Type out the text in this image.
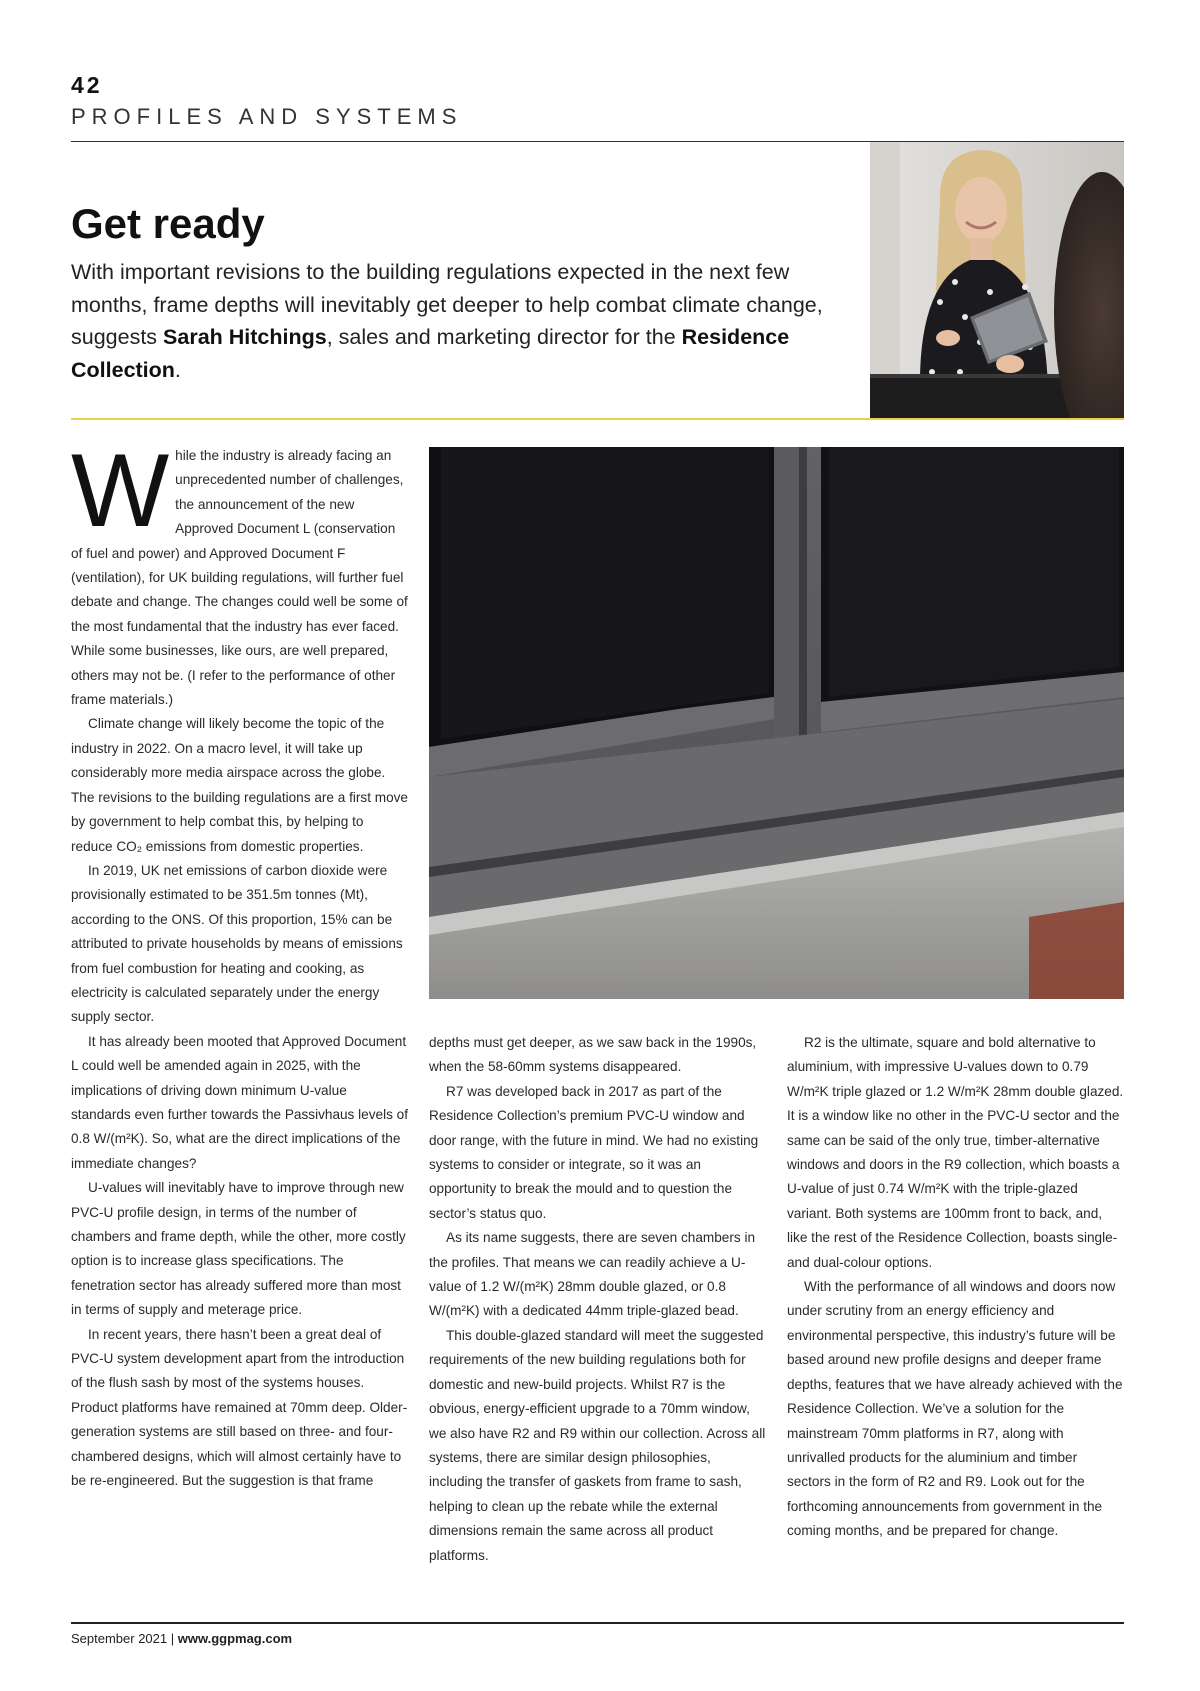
42
PROFILES AND SYSTEMS
Get ready

With important revisions to the building regulations expected in the next few months, frame depths will inevitably get deeper to help combat climate change, suggests Sarah Hitchings, sales and marketing director for the Residence Collection.

W hile the industry is already facing an unprecedented number of challenges, the announcement of the new Approved Document L (conservation of fuel and power) and Approved Document F (ventilation), for UK building regulations, will further fuel debate and change. The changes could well be some of the most fundamental that the industry has ever faced. While some businesses, like ours, are well prepared, others may not be. (I refer to the performance of other frame materials.)

Climate change will likely become the topic of the industry in 2022. On a macro level, it will take up considerably more media airspace across the globe. The revisions to the building regulations are a first move by government to help combat this, by helping to reduce CO₂ emissions from domestic properties.

In 2019, UK net emissions of carbon dioxide were provisionally estimated to be 351.5m tonnes (Mt), according to the ONS. Of this proportion, 15% can be attributed to private households by means of emissions from fuel combustion for heating and cooking, as electricity is calculated separately under the energy supply sector.

It has already been mooted that Approved Document L could well be amended again in 2025, with the implications of driving down minimum U-value standards even further towards the Passivhaus levels of 0.8 W/(m²K). So, what are the direct implications of the immediate changes?

U-values will inevitably have to improve through new PVC-U profile design, in terms of the number of chambers and frame depth, while the other, more costly option is to increase glass specifications. The fenetration sector has already suffered more than most in terms of supply and meterage price.

In recent years, there hasn’t been a great deal of PVC-U system development apart from the introduction of the flush sash by most of the systems houses. Product platforms have remained at 70mm deep. Older-generation systems are still based on three- and four-chambered designs, which will almost certainly have to be re-engineered. But the suggestion is that frame

depths must get deeper, as we saw back in the 1990s, when the 58-60mm systems disappeared.

R7 was developed back in 2017 as part of the Residence Collection’s premium PVC-U window and door range, with the future in mind. We had no existing systems to consider or integrate, so it was an opportunity to break the mould and to question the sector’s status quo.

As its name suggests, there are seven chambers in the profiles. That means we can readily achieve a U-value of 1.2 W/(m²K) 28mm double glazed, or 0.8 W/(m²K) with a dedicated 44mm triple-glazed bead.

This double-glazed standard will meet the suggested requirements of the new building regulations both for domestic and new-build projects. Whilst R7 is the obvious, energy-efficient upgrade to a 70mm window, we also have R2 and R9 within our collection. Across all systems, there are similar design philosophies, including the transfer of gaskets from frame to sash, helping to clean up the rebate while the external dimensions remain the same across all product platforms.

R2 is the ultimate, square and bold alternative to aluminium, with impressive U-values down to 0.79 W/m²K triple glazed or 1.2 W/m²K 28mm double glazed. It is a window like no other in the PVC-U sector and the same can be said of the only true, timber-alternative windows and doors in the R9 collection, which boasts a U-value of just 0.74 W/m²K with the triple-glazed variant. Both systems are 100mm front to back, and, like the rest of the Residence Collection, boasts single- and dual-colour options.

With the performance of all windows and doors now under scrutiny from an energy efficiency and environmental perspective, this industry’s future will be based around new profile designs and deeper frame depths, features that we have already achieved with the Residence Collection. We’ve a solution for the mainstream 70mm platforms in R7, along with unrivalled products for the aluminium and timber sectors in the form of R2 and R9. Look out for the forthcoming announcements from government in the coming months, and be prepared for change.

September 2021 | www.ggpmag.com
